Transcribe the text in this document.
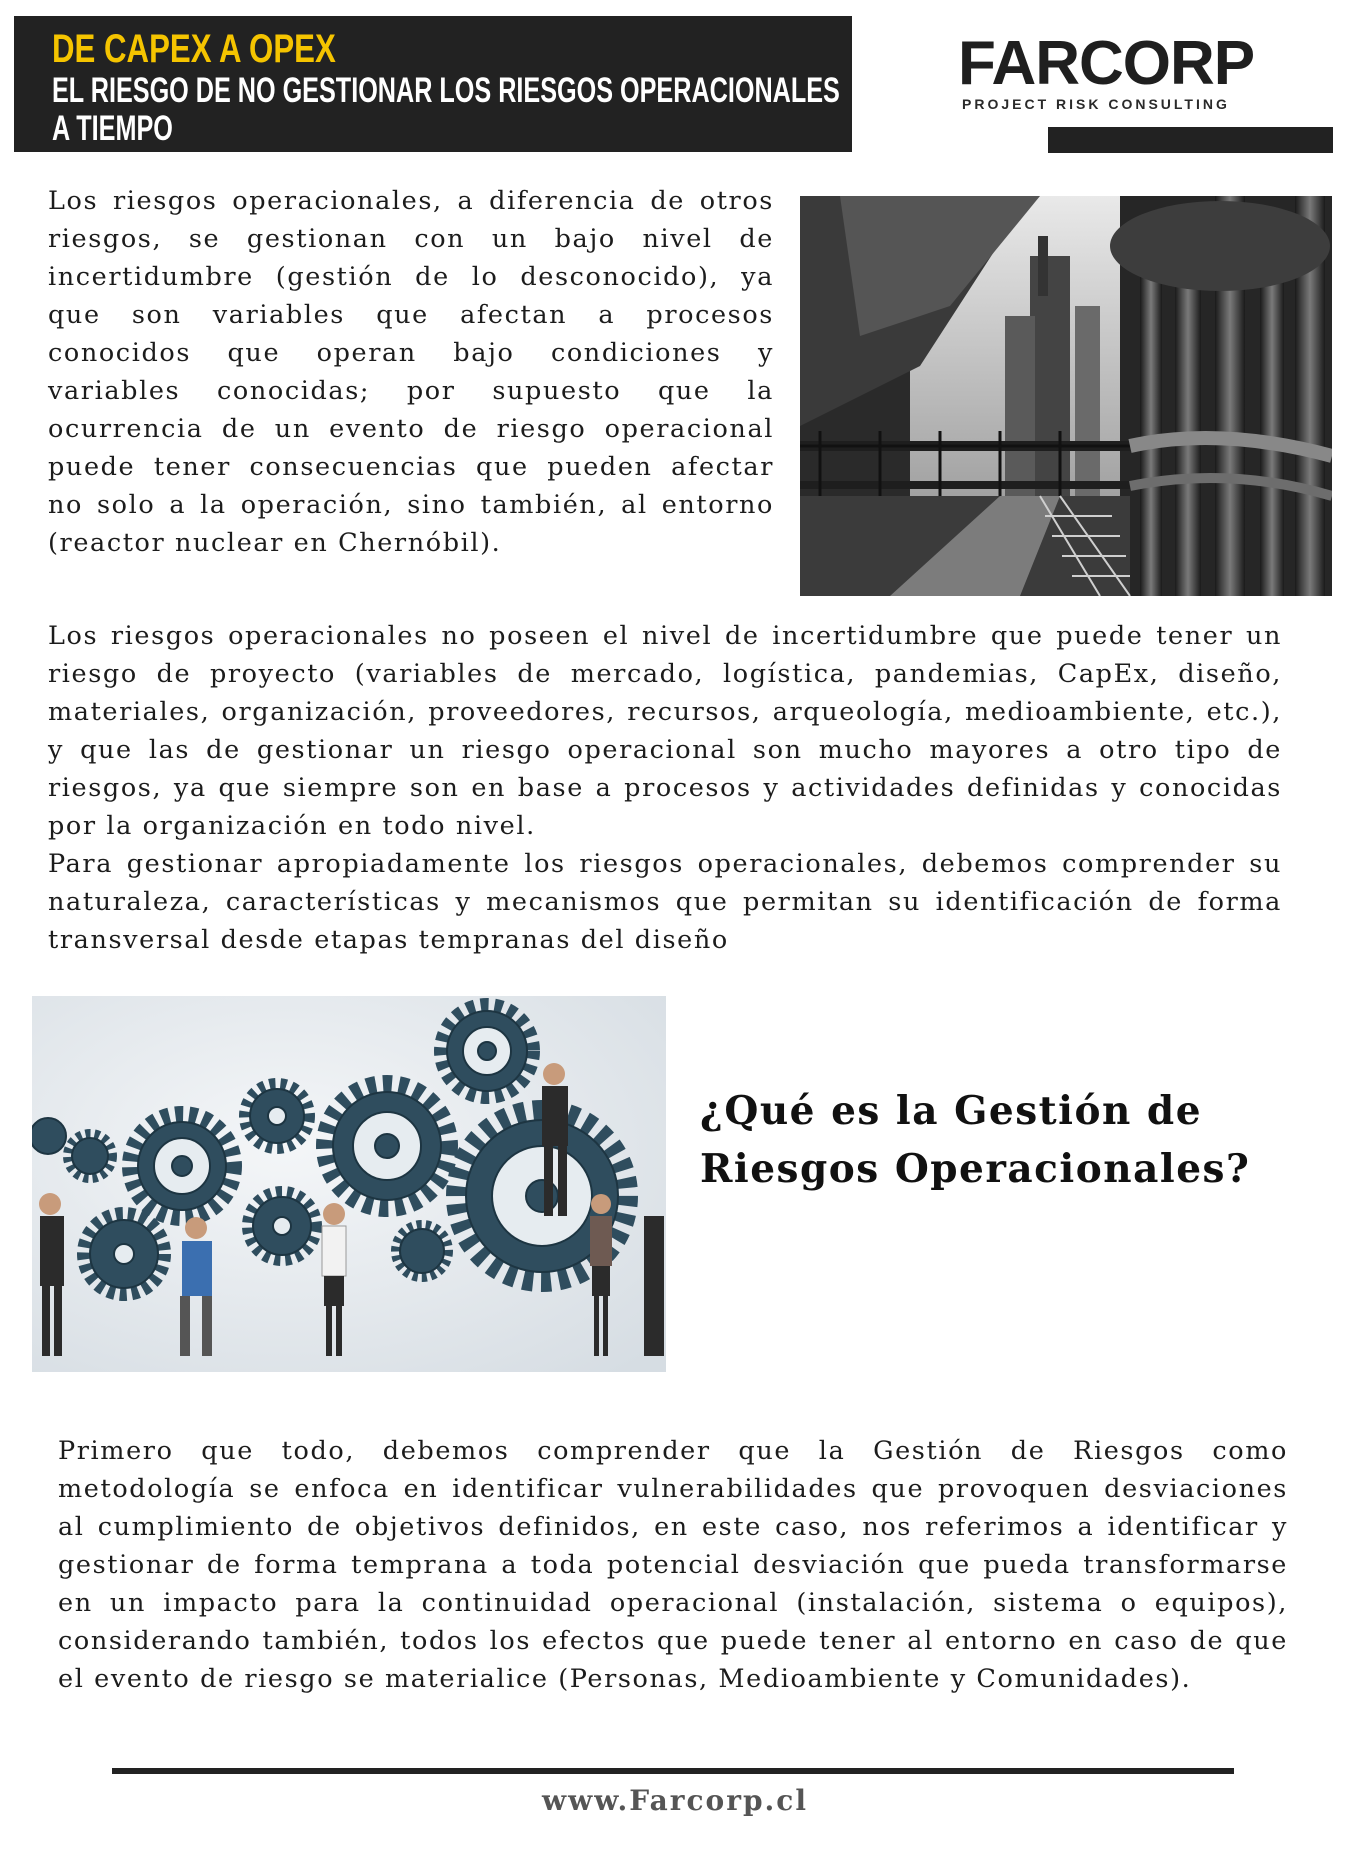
DE CAPEX A OPEX
EL RIESGO DE NO GESTIONAR LOS RIESGOS OPERACIONALES
A TIEMPO
FARCORP
PROJECT RISK CONSULTING

Los riesgos operacionales, a diferencia de otros riesgos, se gestionan con un bajo nivel de incertidumbre (gestión de lo desconocido), ya que son variables que afectan a procesos conocidos que operan bajo condiciones y variables conocidas; por supuesto que la ocurrencia de un evento de riesgo operacional puede tener consecuencias que pueden afectar no solo a la operación, sino también, al entorno (reactor nuclear en Chernóbil).

Los riesgos operacionales no poseen el nivel de incertidumbre que puede tener un riesgo de proyecto (variables de mercado, logística, pandemias, CapEx, diseño, materiales, organización, proveedores, recursos, arqueología, medioambiente, etc.), y que las de gestionar un riesgo operacional son mucho mayores a otro tipo de riesgos, ya que siempre son en base a procesos y actividades definidas y conocidas por la organización en todo nivel.

Para gestionar apropiadamente los riesgos operacionales, debemos comprender su naturaleza, características y mecanismos que permitan su identificación de forma transversal desde etapas tempranas del diseño

¿Qué es la Gestión de Riesgos Operacionales?

Primero que todo, debemos comprender que la Gestión de Riesgos como metodología se enfoca en identificar vulnerabilidades que provoquen desviaciones al cumplimiento de objetivos definidos, en este caso, nos referimos a identificar y gestionar de forma temprana a toda potencial desviación que pueda transformarse en un impacto para la continuidad operacional (instalación, sistema o equipos), considerando también, todos los efectos que puede tener al entorno en caso de que el evento de riesgo se materialice (Personas, Medioambiente y Comunidades).

www.Farcorp.cl
